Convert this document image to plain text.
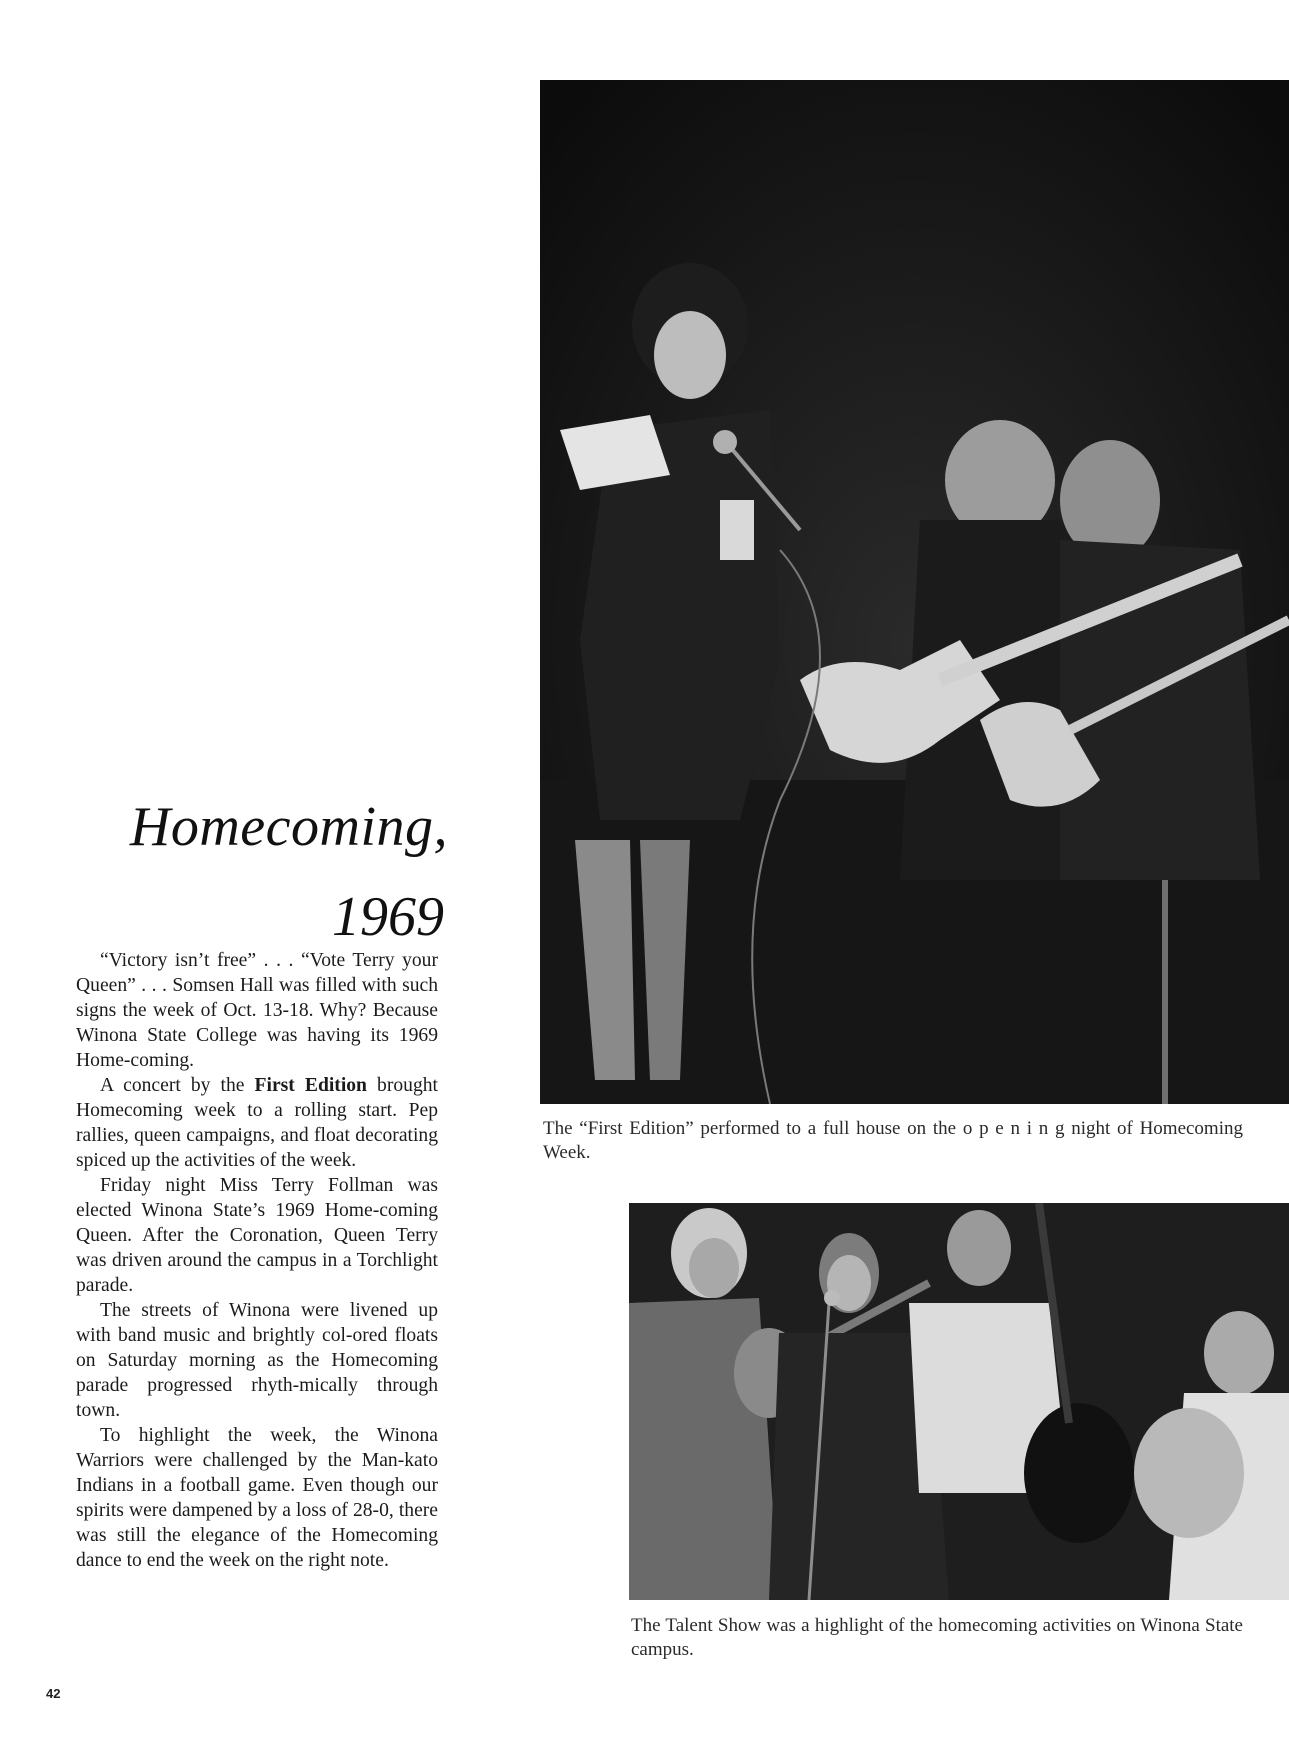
Homecoming,
1969

“Victory isn’t free” . . . “Vote Terry your Queen” . . . Somsen Hall was filled with such signs the week of Oct. 13-18. Why? Because Winona State College was having its 1969 Home-coming.

A concert by the First Edition brought Homecoming week to a rolling start. Pep rallies, queen campaigns, and float decorating spiced up the activities of the week.

Friday night Miss Terry Follman was elected Winona State’s 1969 Home-coming Queen. After the Coronation, Queen Terry was driven around the campus in a Torchlight parade.

The streets of Winona were livened up with band music and brightly col-ored floats on Saturday morning as the Homecoming parade progressed rhyth-mically through town.

To highlight the week, the Winona Warriors were challenged by the Man-kato Indians in a football game. Even though our spirits were dampened by a loss of 28-0, there was still the elegance of the Homecoming dance to end the week on the right note.

42
The “First Edition” performed to a full house on the o p e n i n g night of Homecoming Week.
The Talent Show was a highlight of the homecoming activities on Winona State campus.
